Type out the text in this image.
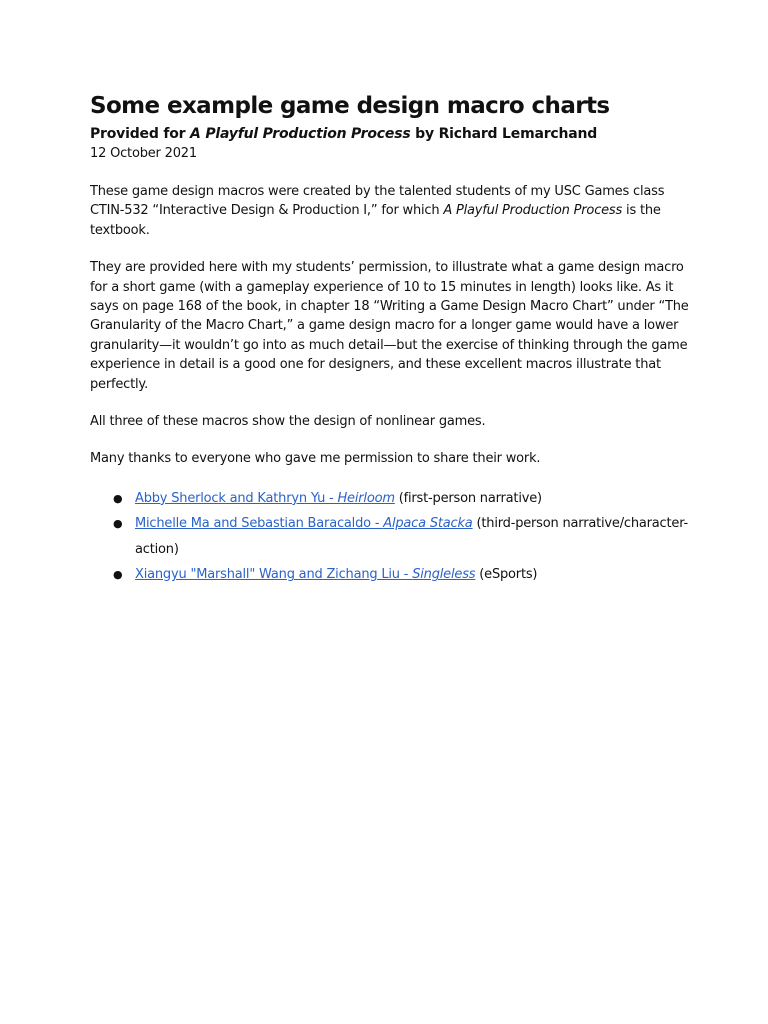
Some example game design macro charts
Provided for A Playful Production Process by Richard Lemarchand
12 October 2021

These game design macros were created by the talented students of my USC Games class CTIN-532 “Interactive Design & Production I,” for which A Playful Production Process is the textbook.

They are provided here with my students’ permission, to illustrate what a game design macro for a short game (with a gameplay experience of 10 to 15 minutes in length) looks like. As it says on page 168 of the book, in chapter 18 “Writing a Game Design Macro Chart” under “The Granularity of the Macro Chart,” a game design macro for a longer game would have a lower granularity—it wouldn’t go into as much detail—but the exercise of thinking through the game experience in detail is a good one for designers, and these excellent macros illustrate that perfectly.

All three of these macros show the design of nonlinear games.

Many thanks to everyone who gave me permission to share their work.

● Abby Sherlock and Kathryn Yu - Heirloom (first-person narrative)
● Michelle Ma and Sebastian Baracaldo - Alpaca Stacka (third-person narrative/character-action)
● Xiangyu "Marshall" Wang and Zichang Liu - Singleless (eSports)
